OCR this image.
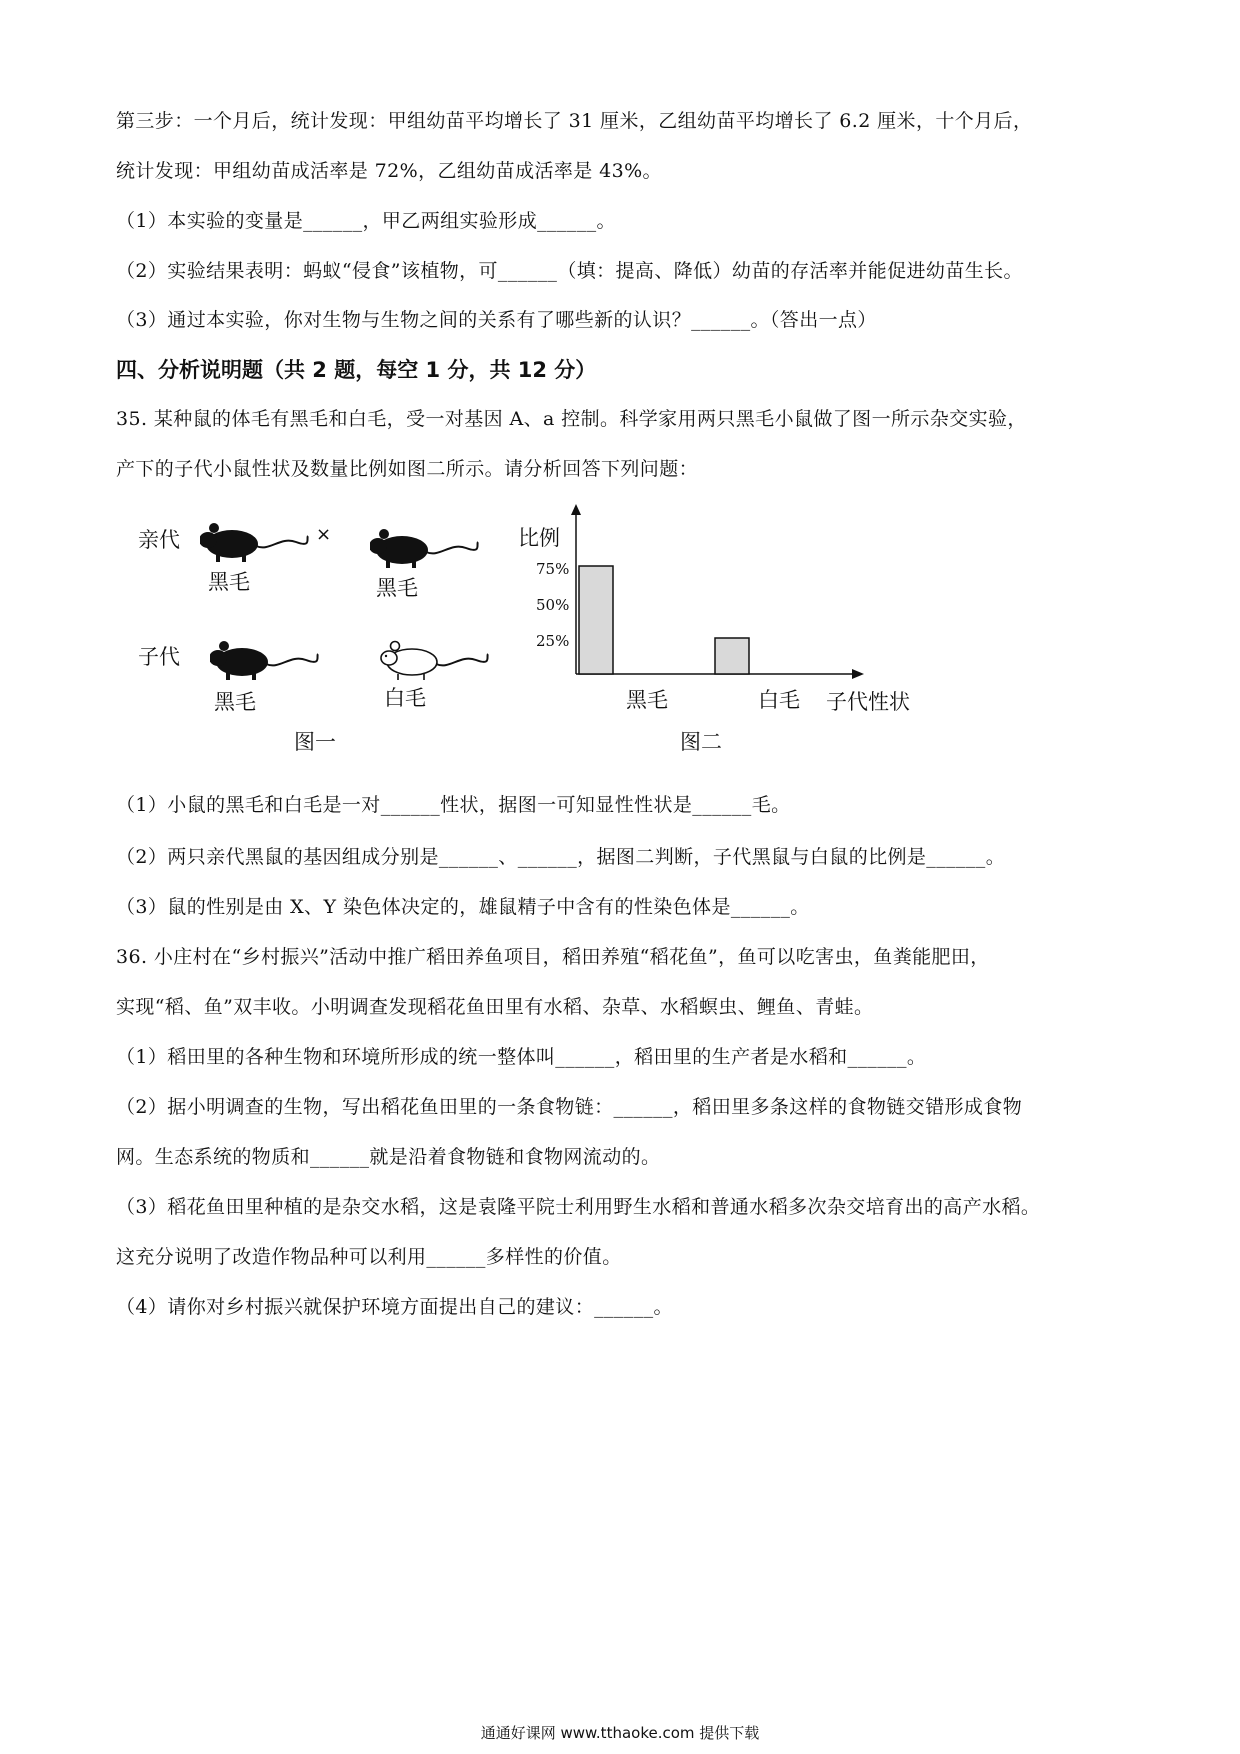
第三步：一个月后，统计发现：甲组幼苗平均增长了 31 厘米，乙组幼苗平均增长了 6.2 厘米，十个月后，
统计发现：甲组幼苗成活率是 72%，乙组幼苗成活率是 43%。
（1）本实验的变量是______，甲乙两组实验形成______。
（2）实验结果表明：蚂蚁“侵食”该植物，可______（填：提高、降低）幼苗的存活率并能促进幼苗生长。
（3）通过本实验，你对生物与生物之间的关系有了哪些新的认识？______。（答出一点）
四、分析说明题（共 2 题，每空 1 分，共 12 分）
35. 某种鼠的体毛有黑毛和白毛，受一对基因 A、a 控制。科学家用两只黑毛小鼠做了图一所示杂交实验，
产下的子代小鼠性状及数量比例如图二所示。请分析回答下列问题：
亲代	×
黑毛	黑毛
子代
黑毛	白毛
图一
比例
75%
50%
25%
黑毛	白毛 子代性状
图二
（1）小鼠的黑毛和白毛是一对______性状，据图一可知显性性状是______毛。
（2）两只亲代黑鼠的基因组成分别是______、______，据图二判断，子代黑鼠与白鼠的比例是______。
（3）鼠的性别是由 X、Y 染色体决定的，雄鼠精子中含有的性染色体是______。
36. 小庄村在“乡村振兴”活动中推广稻田养鱼项目，稻田养殖“稻花鱼”，鱼可以吃害虫，鱼粪能肥田，
实现“稻、鱼”双丰收。小明调查发现稻花鱼田里有水稻、杂草、水稻螟虫、鲤鱼、青蛙。
（1）稻田里的各种生物和环境所形成的统一整体叫______，稻田里的生产者是水稻和______。
（2）据小明调查的生物，写出稻花鱼田里的一条食物链：______，稻田里多条这样的食物链交错形成食物
网。生态系统的物质和______就是沿着食物链和食物网流动的。
（3）稻花鱼田里种植的是杂交水稻，这是袁隆平院士利用野生水稻和普通水稻多次杂交培育出的高产水稻。
这充分说明了改造作物品种可以利用______多样性的价值。
（4）请你对乡村振兴就保护环境方面提出自己的建议：______。
通通好课网 www.tthaoke.com 提供下载
